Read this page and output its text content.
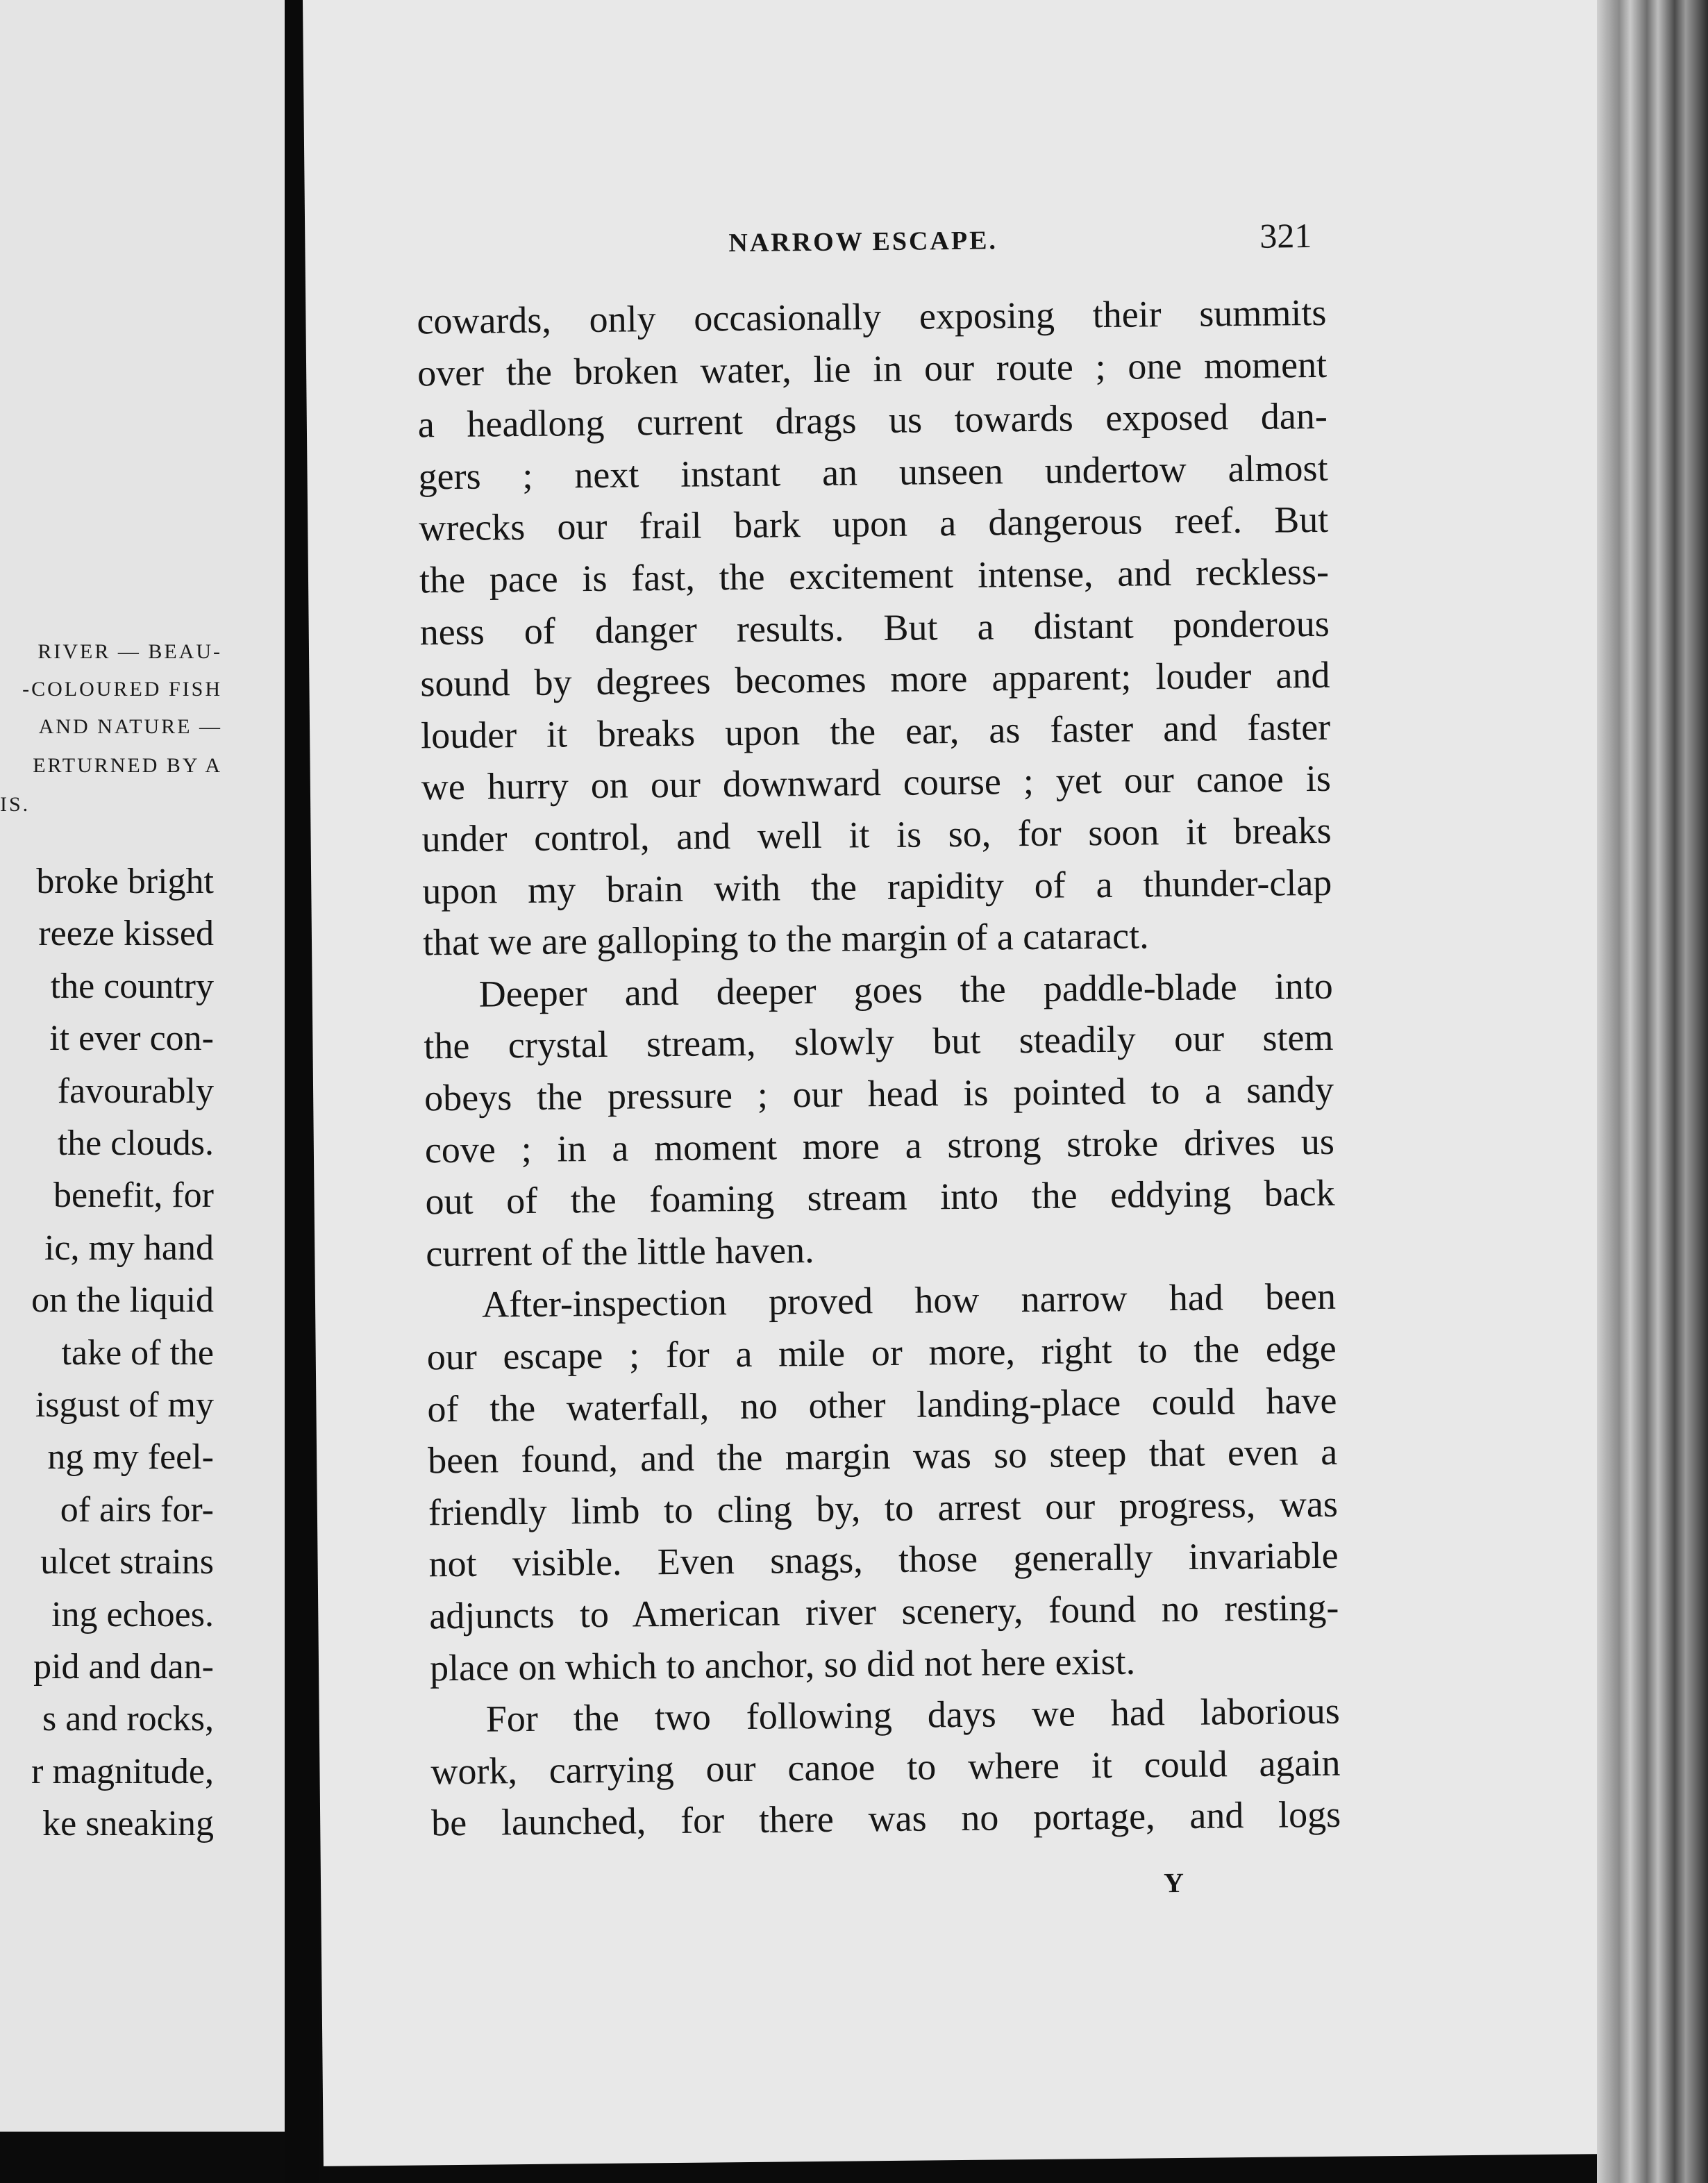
RIVER — BEAU-
-COLOURED FISH
AND NATURE —
ERTURNED BY A
IS.
broke bright
reeze kissed
the country
it ever con-
favourably
the clouds.
benefit, for
ic, my hand
on the liquid
take of the
isgust of my
ng my feel-
of airs for-
ulcet strains
ing echoes.
pid and dan-
s and rocks,
r magnitude,
ke sneaking
NARROW ESCAPE.	321
cowards, only occasionally exposing their summits
over the broken water, lie in our route ; one moment
a headlong current drags us towards exposed dan-
gers ; next instant an unseen undertow almost
wrecks our frail bark upon a dangerous reef. But
the pace is fast, the excitement intense, and reckless-
ness of danger results. But a distant ponderous
sound by degrees becomes more apparent; louder and
louder it breaks upon the ear, as faster and faster
we hurry on our downward course ; yet our canoe is
under control, and well it is so, for soon it breaks
upon my brain with the rapidity of a thunder-clap
that we are galloping to the margin of a cataract.
Deeper and deeper goes the paddle-blade into
the crystal stream, slowly but steadily our stem
obeys the pressure ; our head is pointed to a sandy
cove ; in a moment more a strong stroke drives us
out of the foaming stream into the eddying back
current of the little haven.
After-inspection proved how narrow had been
our escape ; for a mile or more, right to the edge
of the waterfall, no other landing-place could have
been found, and the margin was so steep that even a
friendly limb to cling by, to arrest our progress, was
not visible. Even snags, those generally invariable
adjuncts to American river scenery, found no resting-
place on which to anchor, so did not here exist.
For the two following days we had laborious
work, carrying our canoe to where it could again
be launched, for there was no portage, and logs
Y
